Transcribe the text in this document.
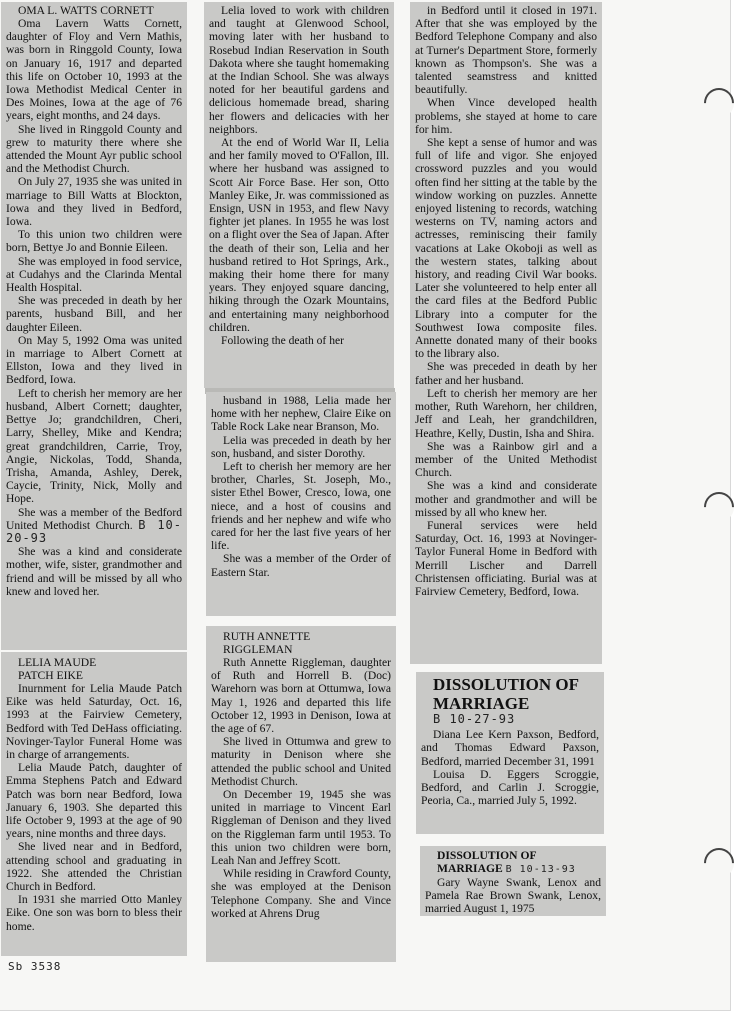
OMA L. WATTS CORNETT

Oma Lavern Watts Cornett, daughter of Floy and Vern Mathis, was born in Ringgold County, Iowa on January 16, 1917 and departed this life on October 10, 1993 at the Iowa Methodist Medical Center in Des Moines, Iowa at the age of 76 years, eight months, and 24 days.

She lived in Ringgold County and grew to maturity there where she attended the Mount Ayr public school and the Methodist Church.

On July 27, 1935 she was united in marriage to Bill Watts at Blockton, Iowa and they lived in Bedford, Iowa.

To this union two children were born, Bettye Jo and Bonnie Eileen.

She was employed in food service, at Cudahys and the Clarinda Mental Health Hospital.

She was preceded in death by her parents, husband Bill, and her daughter Eileen.

On May 5, 1992 Oma was united in marriage to Albert Cornett at Ellston, Iowa and they lived in Bedford, Iowa.

Left to cherish her memory are her husband, Albert Cornett; daughter, Bettye Jo; grandchildren, Cheri, Larry, Shelley, Mike and Kendra; great grandchildren, Carrie, Troy, Angie, Nickolas, Todd, Shanda, Trisha, Amanda, Ashley, Derek, Caycie, Trinity, Nick, Molly and Hope.

She was a member of the Bedford United Methodist Church. B 10-20-93

She was a kind and considerate mother, wife, sister, grandmother and friend and will be missed by all who knew and loved her.

LELIA MAUDE

PATCH EIKE

Inurnment for Lelia Maude Patch Eike was held Saturday, Oct. 16, 1993 at the Fairview Cemetery, Bedford with Ted DeHass officiating. Novinger-Taylor Funeral Home was in charge of arrangements.

Lelia Maude Patch, daughter of Emma Stephens Patch and Edward Patch was born near Bedford, Iowa January 6, 1903. She departed this life October 9, 1993 at the age of 90 years, nine months and three days.

She lived near and in Bedford, attending school and graduating in 1922. She attended the Christian Church in Bedford.

In 1931 she married Otto Manley Eike. One son was born to bless their home.

Lelia loved to work with children and taught at Glenwood School, moving later with her husband to Rosebud Indian Reservation in South Dakota where she taught homemaking at the Indian School. She was always noted for her beautiful gardens and delicious homemade bread, sharing her flowers and delicacies with her neighbors.

At the end of World War II, Lelia and her family moved to O'Fallon, Ill. where her husband was assigned to Scott Air Force Base. Her son, Otto Manley Eike, Jr. was commissioned as Ensign, USN in 1953, and flew Navy fighter jet planes. In 1955 he was lost on a flight over the Sea of Japan. After the death of their son, Lelia and her husband retired to Hot Springs, Ark., making their home there for many years. They enjoyed square dancing, hiking through the Ozark Mountains, and entertaining many neighborhood children.

Following the death of her

husband in 1988, Lelia made her home with her nephew, Claire Eike on Table Rock Lake near Branson, Mo.

Lelia was preceded in death by her son, husband, and sister Dorothy.

Left to cherish her memory are her brother, Charles, St. Joseph, Mo., sister Ethel Bower, Cresco, Iowa, one niece, and a host of cousins and friends and her nephew and wife who cared for her the last five years of her life.

She was a member of the Order of Eastern Star.

RUTH ANNETTE

RIGGLEMAN

Ruth Annette Riggleman, daughter of Ruth and Horrell B. (Doc) Warehorn was born at Ottumwa, Iowa May 1, 1926 and departed this life October 12, 1993 in Denison, Iowa at the age of 67.

She lived in Ottumwa and grew to maturity in Denison where she attended the public school and United Methodist Church.

On December 19, 1945 she was united in marriage to Vincent Earl Riggleman of Denison and they lived on the Riggleman farm until 1953. To this union two children were born, Leah Nan and Jeffrey Scott.

While residing in Crawford County, she was employed at the Denison Telephone Company. She and Vince worked at Ahrens Drug

in Bedford until it closed in 1971. After that she was employed by the Bedford Telephone Company and also at Turner's Department Store, formerly known as Thompson's. She was a talented seamstress and knitted beautifully.

When Vince developed health problems, she stayed at home to care for him.

She kept a sense of humor and was full of life and vigor. She enjoyed crossword puzzles and you would often find her sitting at the table by the window working on puzzles. Annette enjoyed listening to records, watching westerns on TV, naming actors and actresses, reminiscing their family vacations at Lake Okoboji as well as the western states, talking about history, and reading Civil War books. Later she volunteered to help enter all the card files at the Bedford Public Library into a computer for the Southwest Iowa composite files. Annette donated many of their books to the library also.

She was preceded in death by her father and her husband.

Left to cherish her memory are her mother, Ruth Warehorn, her children, Jeff and Leah, her grandchildren, Heathre, Kelly, Dustin, Isha and Shira.

She was a Rainbow girl and a member of the United Methodist Church.

She was a kind and considerate mother and grandmother and will be missed by all who knew her.

Funeral services were held Saturday, Oct. 16, 1993 at Novinger-Taylor Funeral Home in Bedford with Merrill Lischer and Darrell Christensen officiating. Burial was at Fairview Cemetery, Bedford, Iowa.

DISSOLUTION OF

MARRIAGE

B 10-27-93

Diana Lee Kern Paxson, Bedford, and Thomas Edward Paxson, Bedford, married December 31, 1991

Louisa D. Eggers Scroggie, Bedford, and Carlin J. Scroggie, Peoria, Ca., married July 5, 1992.

DISSOLUTION OF

MARRIAGE B 10-13-93

Gary Wayne Swank, Lenox and Pamela Rae Brown Swank, Lenox, married August 1, 1975

Sb 3538
